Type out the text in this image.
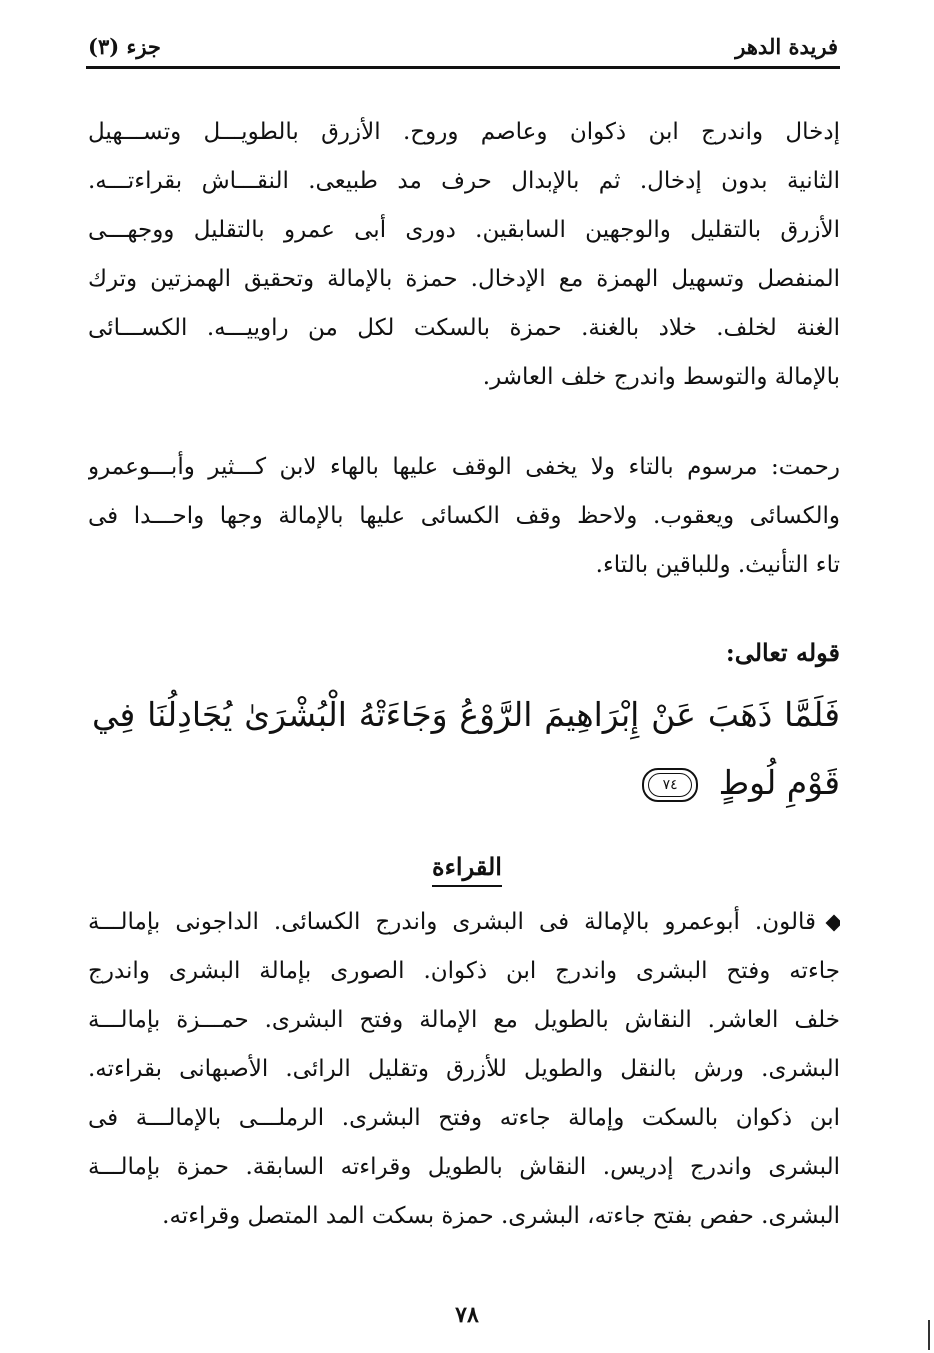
فريدة الدهر
جزء (٣)
إدخال واندرج ابن ذكوان وعاصم وروح. الأزرق بالطويـــل وتســـهيل
الثانية بدون إدخال. ثم بالإبدال حرف مد طبيعى. النقـــاش بقراءتـــه.
الأزرق بالتقليل والوجهين السابقين. دورى أبى عمرو بالتقليل ووجهـــى
المنفصل وتسهيل الهمزة مع الإدخال. حمزة بالإمالة وتحقيق الهمزتين وترك
الغنة لخلف. خلاد بالغنة. حمزة بالسكت لكل من راوييـــه. الكســـائى
بالإمالة والتوسط واندرج خلف العاشر.
رحمت: مرسوم بالتاء ولا يخفى الوقف عليها بالهاء لابن كـــثير وأبـــوعمرو
والكسائى ويعقوب. ولاحظ وقف الكسائى عليها بالإمالة وجها واحـــدا فى
تاء التأنيث. وللباقين بالتاء.
قوله تعالى:
فَلَمَّا ذَهَبَ عَنْ إِبْرَاهِيمَ الرَّوْعُ وَجَاءَتْهُ الْبُشْرَىٰ يُجَادِلُنَا فِي
قَوْمِ لُوطٍ ٧٤
القراءة
قالون. أبوعمرو بالإمالة فى البشرى واندرج الكسائى. الداجونى بإمالـــة
جاءته وفتح البشرى واندرج ابن ذكوان. الصورى بإمالة البشرى واندرج
خلف العاشر. النقاش بالطويل مع الإمالة وفتح البشرى. حمـــزة بإمالـــة
البشرى. ورش بالنقل والطويل للأزرق وتقليل الرائى. الأصبهانى بقراءته.
ابن ذكوان بالسكت وإمالة جاءته وفتح البشرى. الرملـــى بالإمالـــة فى
البشرى واندرج إدريس. النقاش بالطويل وقراءته السابقة. حمزة بإمالـــة
البشرى. حفص بفتح جاءته، البشرى. حمزة بسكت المد المتصل وقراءته.
٧٨
